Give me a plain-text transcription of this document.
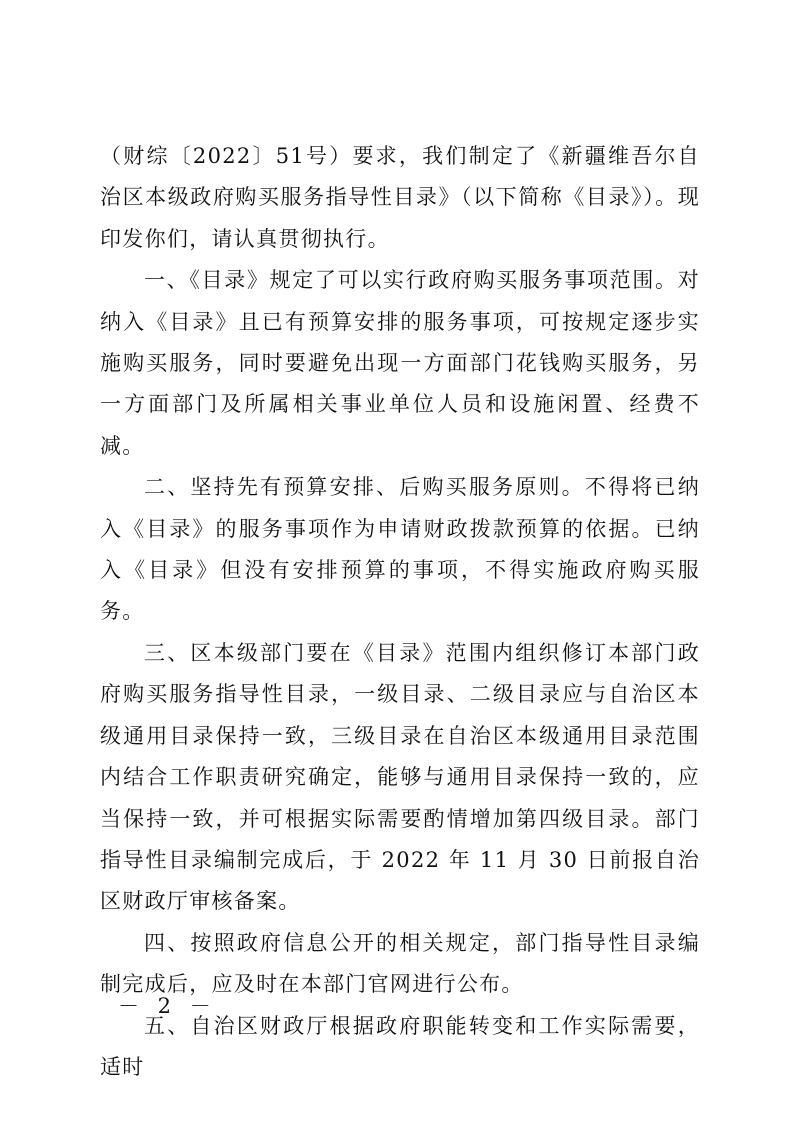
（财综〔2022〕51号）要求，我们制定了《新疆维吾尔自治区本级政府购买服务指导性目录》（以下简称《目录》）。现印发你们，请认真贯彻执行。

一、《目录》规定了可以实行政府购买服务事项范围。对纳入《目录》且已有预算安排的服务事项，可按规定逐步实施购买服务，同时要避免出现一方面部门花钱购买服务，另一方面部门及所属相关事业单位人员和设施闲置、经费不减。

二、坚持先有预算安排、后购买服务原则。不得将已纳入《目录》的服务事项作为申请财政拨款预算的依据。已纳入《目录》但没有安排预算的事项，不得实施政府购买服务。

三、区本级部门要在《目录》范围内组织修订本部门政府购买服务指导性目录，一级目录、二级目录应与自治区本级通用目录保持一致，三级目录在自治区本级通用目录范围内结合工作职责研究确定，能够与通用目录保持一致的，应当保持一致，并可根据实际需要酌情增加第四级目录。部门指导性目录编制完成后，于 2022 年 11 月 30 日前报自治区财政厅审核备案。

四、按照政府信息公开的相关规定，部门指导性目录编制完成后，应及时在本部门官网进行公布。

五、自治区财政厅根据政府职能转变和工作实际需要，适时

－ 2 －
